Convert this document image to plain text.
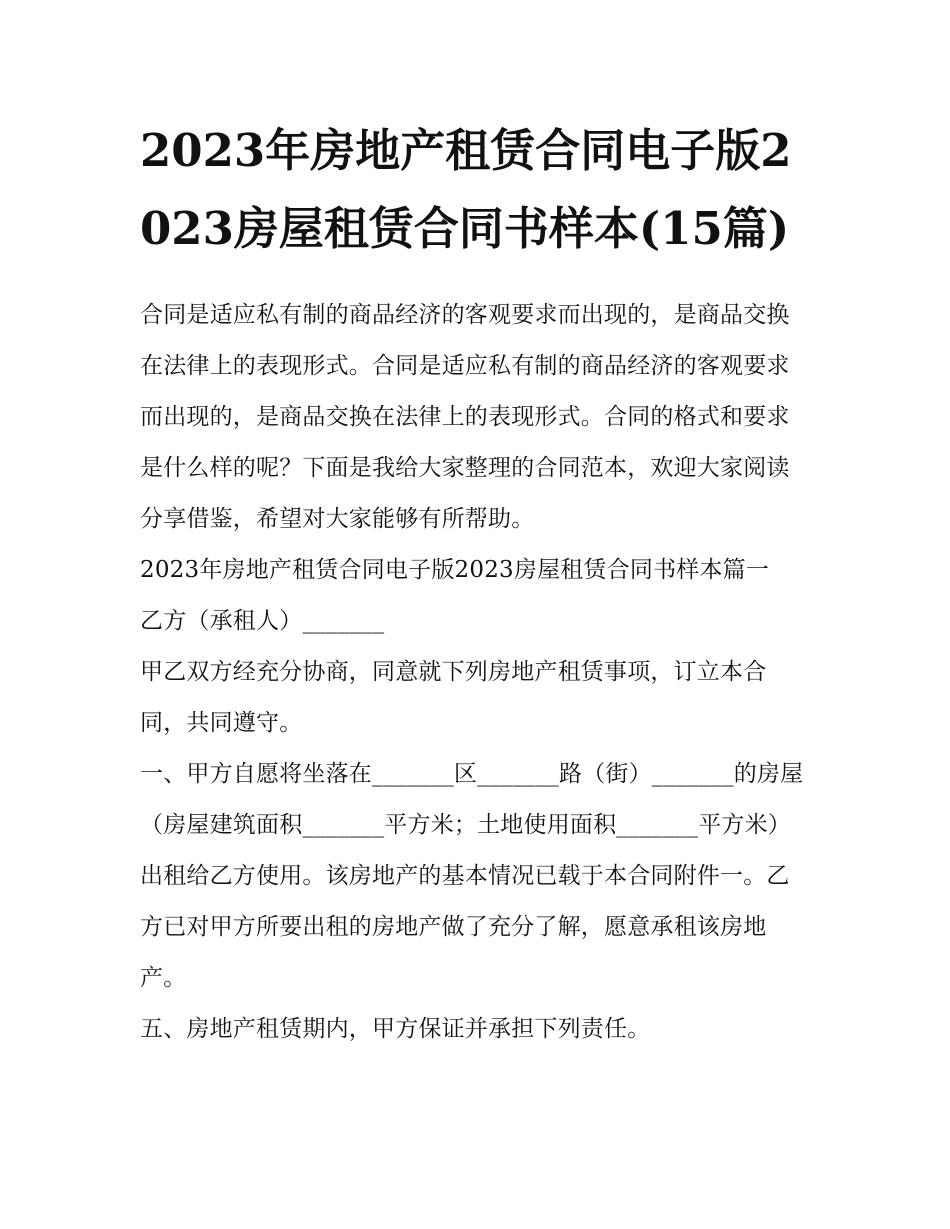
2023年房地产租赁合同电子版2023房屋租赁合同书样本(15篇)

合同是适应私有制的商品经济的客观要求而出现的，是商品交换在法律上的表现形式。合同是适应私有制的商品经济的客观要求而出现的，是商品交换在法律上的表现形式。合同的格式和要求是什么样的呢？下面是我给大家整理的合同范本，欢迎大家阅读分享借鉴，希望对大家能够有所帮助。

2023年房地产租赁合同电子版2023房屋租赁合同书样本篇一

乙方（承租人）_______

甲乙双方经充分协商，同意就下列房地产租赁事项，订立本合同，共同遵守。

一、甲方自愿将坐落在_______区_______路（街）_______的房屋（房屋建筑面积_______平方米；土地使用面积_______平方米）出租给乙方使用。该房地产的基本情况已载于本合同附件一。乙方已对甲方所要出租的房地产做了充分了解，愿意承租该房地产。

五、房地产租赁期内，甲方保证并承担下列责任。
